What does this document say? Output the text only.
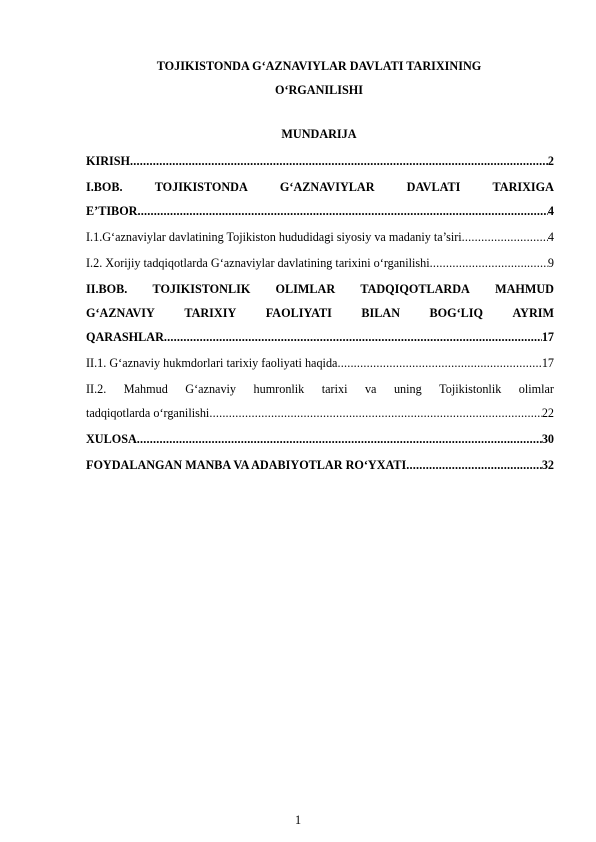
TOJIKISTONDA G‘AZNAVIYLAR DAVLATI TARIXINING
O‘RGANILISHI
MUNDARIJA
KIRISH .....	2
I.BOB.	TOJIKISTONDA	G‘AZNAVIYLAR	DAVLATI	TARIXIGA
E’TIBOR .....	4
I.1.G‘aznaviylar davlatining Tojikiston hududidagi siyosiy va madaniy ta’siri .....	4
I.2. Xorijiy tadqiqotlarda G‘aznaviylar davlatining tarixini o‘rganilishi .....	9
II.BOB. TOJIKISTONLIK OLIMLAR TADQIQOTLARDA MAHMUD
G‘AZNAVIY TARIXIY FAOLIYATI BILAN BOG‘LIQ AYRIM
QARASHLAR .....	17
II.1. G‘aznaviy hukmdorlari tarixiy faoliyati haqida .....	17
II.2. Mahmud G‘aznaviy humronlik tarixi va uning Tojikistonlik olimlar
tadqiqotlarda o‘rganilishi .....	22
XULOSA .....	30
FOYDALANGAN MANBA VA ADABIYOTLAR RO‘YXATI .....	32
1
